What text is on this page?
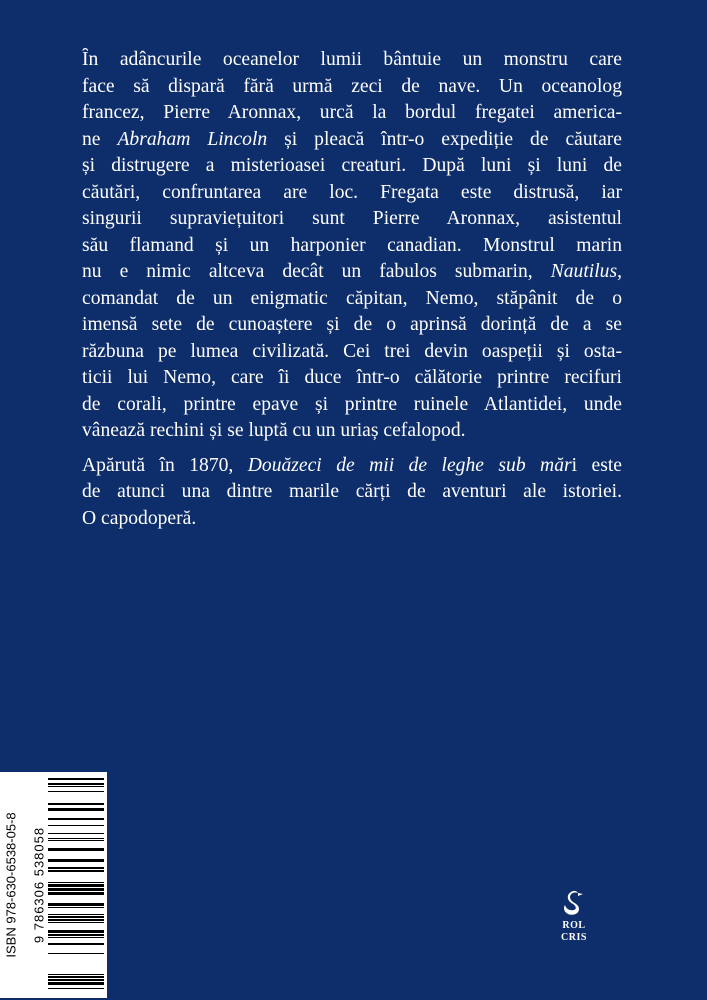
Ȋn adâncurile oceanelor lumii bântuie un monstru care
face să dispară fără urmă zeci de nave. Un oceanolog
francez, Pierre Aronnax, urcă la bordul fregatei america-
ne Abraham Lincoln și pleacă într-o expediție de căutare
și distrugere a misterioasei creaturi. După luni și luni de
căutări, confruntarea are loc. Fregata este distrusă, iar
singurii supraviețuitori sunt Pierre Aronnax, asistentul
său flamand și un harponier canadian. Monstrul marin
nu e nimic altceva decât un fabulos submarin, Nautilus,
comandat de un enigmatic căpitan, Nemo, stăpânit de o
imensă sete de cunoaștere și de o aprinsă dorință de a se
răzbuna pe lumea civilizată. Cei trei devin oaspeții și osta-
ticii lui Nemo, care îi duce într-o călătorie printre recifuri
de corali, printre epave și printre ruinele Atlantidei, unde
vânează rechini și se luptă cu un uriaș cefalopod.

Apărută în 1870, Douăzeci de mii de leghe sub mări este
de atunci una dintre marile cărți de aventuri ale istoriei.
O capodoperă.

ISBN 978-630-6538-05-8 9 786306 538058	ROL
CRIS
